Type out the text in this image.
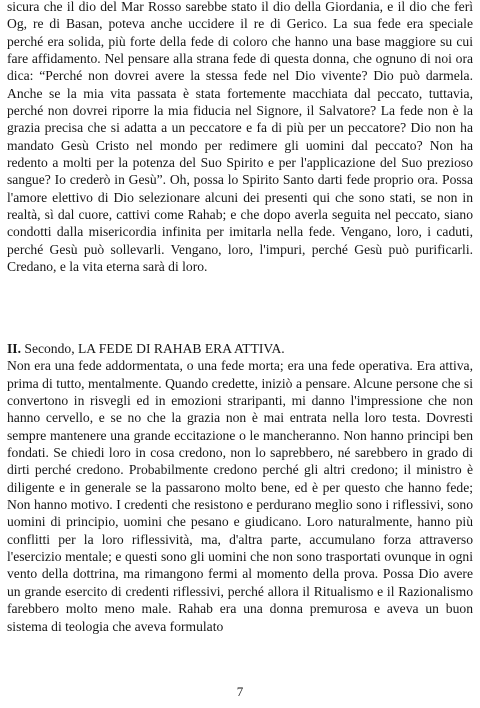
sicura che il dio del Mar Rosso sarebbe stato il dio della Giordania, e il dio che ferì Og, re di Basan, poteva anche uccidere il re di Gerico. La sua fede era speciale perché era solida, più forte della fede di coloro che hanno una base maggiore su cui fare affidamento. Nel pensare alla strana fede di questa donna, che ognuno di noi ora dica: “Perché non dovrei avere la stessa fede nel Dio vivente? Dio può darmela. Anche se la mia vita passata è stata fortemente macchiata dal peccato, tuttavia, perché non dovrei riporre la mia fiducia nel Signore, il Salvatore? La fede non è la grazia precisa che si adatta a un peccatore e fa di più per un peccatore? Dio non ha mandato Gesù Cristo nel mondo per redimere gli uomini dal peccato? Non ha redento a molti per la potenza del Suo Spirito e per l'applicazione del Suo prezioso sangue? Io crederò in Gesù”. Oh, possa lo Spirito Santo darti fede proprio ora. Possa l'amore elettivo di Dio selezionare alcuni dei presenti qui che sono stati, se non in realtà, sì dal cuore, cattivi come Rahab; e che dopo averla seguita nel peccato, siano condotti dalla misericordia infinita per imitarla nella fede. Vengano, loro, i caduti, perché Gesù può sollevarli. Vengano, loro, l'impuri, perché Gesù può purificarli. Credano, e la vita eterna sarà di loro.

II. Secondo, LA FEDE DI RAHAB ERA ATTIVA.

Non era una fede addormentata, o una fede morta; era una fede operativa. Era attiva, prima di tutto, mentalmente. Quando credette, iniziò a pensare. Alcune persone che si convertono in risvegli ed in emozioni straripanti, mi danno l'impressione che non hanno cervello, e se no che la grazia non è mai entrata nella loro testa. Dovresti sempre mantenere una grande eccitazione o le mancheranno. Non hanno principi ben fondati. Se chiedi loro in cosa credono, non lo saprebbero, né sarebbero in grado di dirti perché credono. Probabilmente credono perché gli altri credono; il ministro è diligente e in generale se la passarono molto bene, ed è per questo che hanno fede; Non hanno motivo. I credenti che resistono e perdurano meglio sono i riflessivi, sono uomini di principio, uomini che pesano e giudicano. Loro naturalmente, hanno più conflitti per la loro riflessività, ma, d'altra parte, accumulano forza attraverso l'esercizio mentale; e questi sono gli uomini che non sono trasportati ovunque in ogni vento della dottrina, ma rimangono fermi al momento della prova. Possa Dio avere un grande esercito di credenti riflessivi, perché allora il Ritualismo e il Razionalismo farebbero molto meno male. Rahab era una donna premurosa e aveva un buon sistema di teologia che aveva formulato

7
